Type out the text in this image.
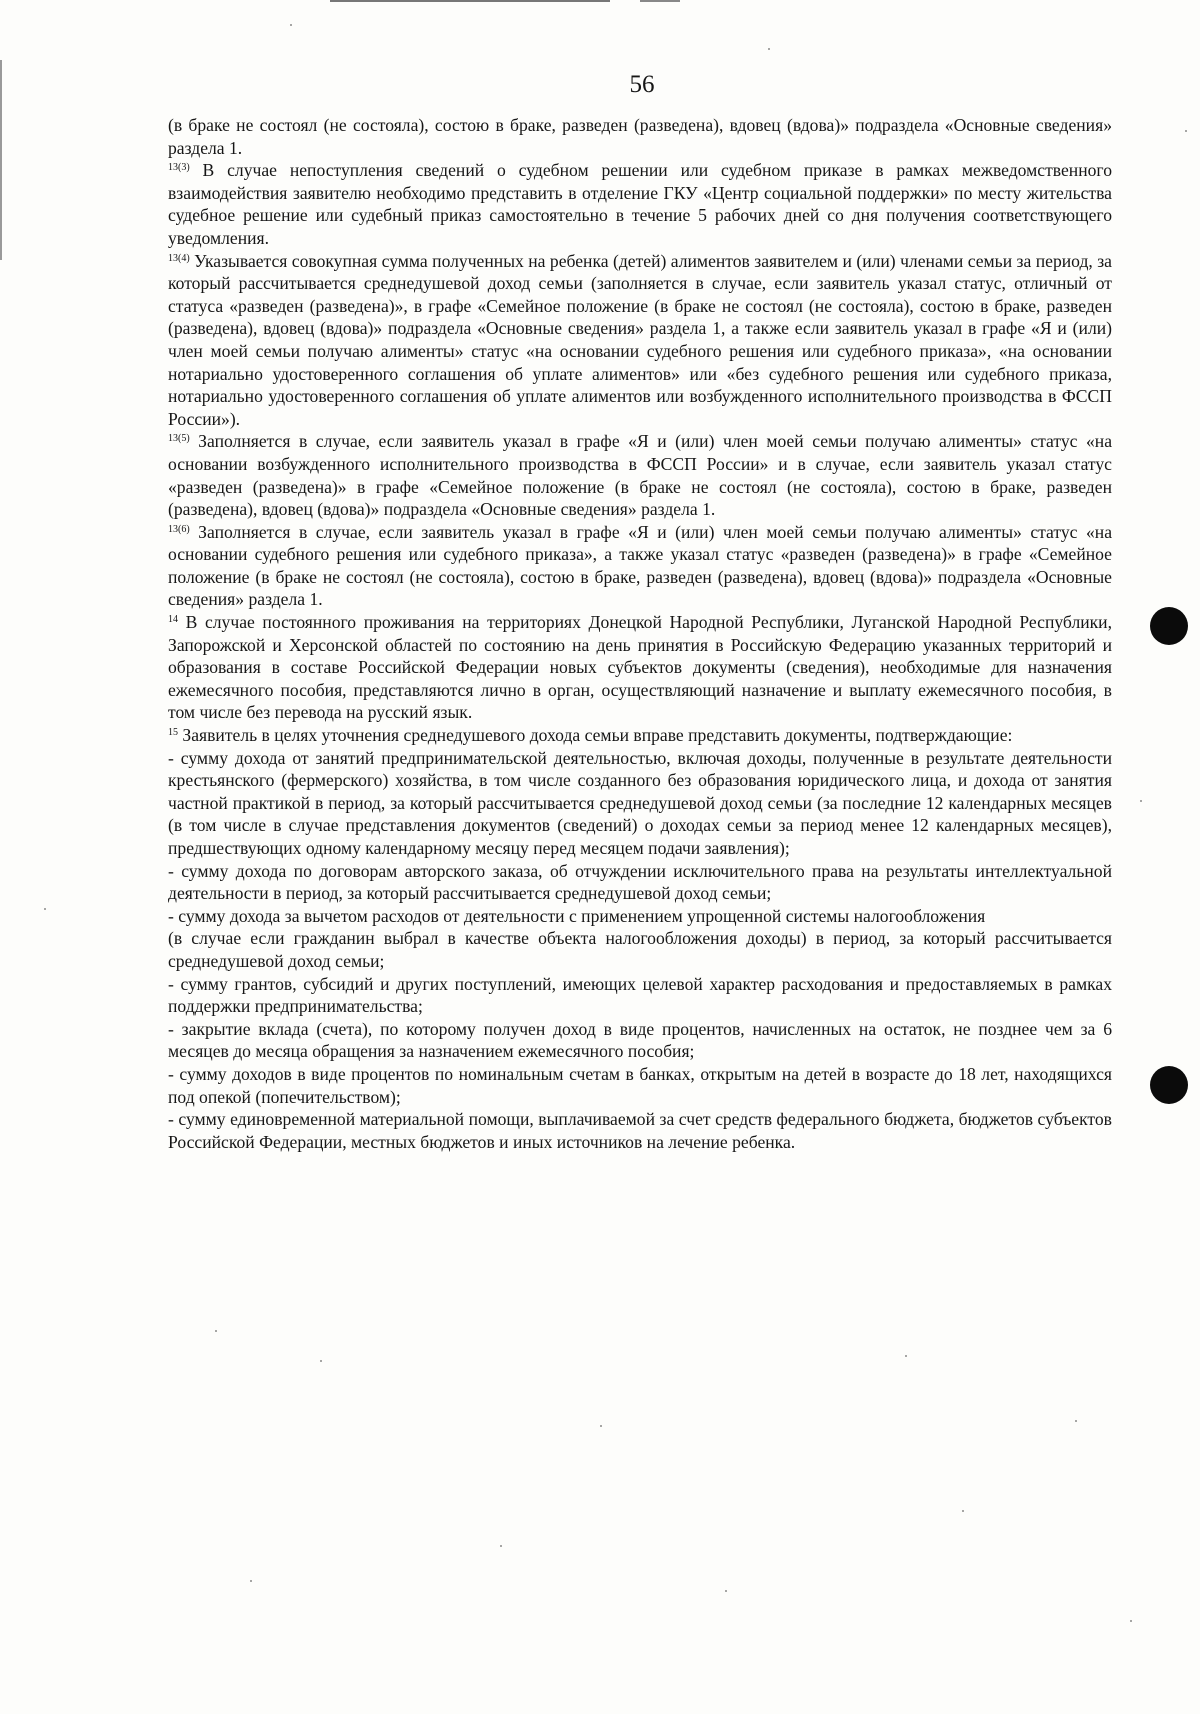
56

(в браке не состоял (не состояла), состою в браке, разведен (разведена), вдовец (вдова)» подраздела «Основные сведения» раздела 1.

$^{13(3)}$ В случае непоступления сведений о судебном решении или судебном приказе в рамках межведомственного взаимодействия заявителю необходимо представить в отделение ГКУ «Центр социальной поддержки» по месту жительства судебное решение или судебный приказ самостоятельно в течение 5 рабочих дней со дня получения соответствующего уведомления.

$^{13(4)}$ Указывается совокупная сумма полученных на ребенка (детей) алиментов заявителем и (или) членами семьи за период, за который рассчитывается среднедушевой доход семьи (заполняется в случае, если заявитель указал статус, отличный от статуса «разведен (разведена)», в графе «Семейное положение (в браке не состоял (не состояла), состою в браке, разведен (разведена), вдовец (вдова)» подраздела «Основные сведения» раздела 1, а также если заявитель указал в графе «Я и (или) член моей семьи получаю алименты» статус «на основании судебного решения или судебного приказа», «на основании нотариально удостоверенного соглашения об уплате алиментов» или «без судебного решения или судебного приказа, нотариально удостоверенного соглашения об уплате алиментов или возбужденного исполнительного производства в ФССП России»).

$^{13(5)}$ Заполняется в случае, если заявитель указал в графе «Я и (или) член моей семьи получаю алименты» статус «на основании возбужденного исполнительного производства в ФССП России» и в случае, если заявитель указал статус «разведен (разведена)» в графе «Семейное положение (в браке не состоял (не состояла), состою в браке, разведен (разведена), вдовец (вдова)» подраздела «Основные сведения» раздела 1.

$^{13(6)}$ Заполняется в случае, если заявитель указал в графе «Я и (или) член моей семьи получаю алименты» статус «на основании судебного решения или судебного приказа», а также указал статус «разведен (разведена)» в графе «Семейное положение (в браке не состоял (не состояла), состою в браке, разведен (разведена), вдовец (вдова)» подраздела «Основные сведения» раздела 1.

$^{14}$ В случае постоянного проживания на территориях Донецкой Народной Республики, Луганской Народной Республики, Запорожской и Херсонской областей по состоянию на день принятия в Российскую Федерацию указанных территорий и образования в составе Российской Федерации новых субъектов документы (сведения), необходимые для назначения ежемесячного пособия, представляются лично в орган, осуществляющий назначение и выплату ежемесячного пособия, в том числе без перевода на русский язык.

$^{15}$ Заявитель в целях уточнения среднедушевого дохода семьи вправе представить документы, подтверждающие:

- сумму дохода от занятий предпринимательской деятельностью, включая доходы, полученные в результате деятельности крестьянского (фермерского) хозяйства, в том числе созданного без образования юридического лица, и дохода от занятия частной практикой в период, за который рассчитывается среднедушевой доход семьи (за последние 12 календарных месяцев (в том числе в случае представления документов (сведений) о доходах семьи за период менее 12 календарных месяцев), предшествующих одному календарному месяцу перед месяцем подачи заявления);

- сумму дохода по договорам авторского заказа, об отчуждении исключительного права на результаты интеллектуальной деятельности в период, за который рассчитывается среднедушевой доход семьи;

- сумму дохода за вычетом расходов от деятельности с применением упрощенной системы налогообложения

(в случае если гражданин выбрал в качестве объекта налогообложения доходы) в период, за который рассчитывается среднедушевой доход семьи;

- сумму грантов, субсидий и других поступлений, имеющих целевой характер расходования и предоставляемых в рамках поддержки предпринимательства;

- закрытие вклада (счета), по которому получен доход в виде процентов, начисленных на остаток, не позднее чем за 6 месяцев до месяца обращения за назначением ежемесячного пособия;

- сумму доходов в виде процентов по номинальным счетам в банках, открытым на детей в возрасте до 18 лет, находящихся под опекой (попечительством);

- сумму единовременной материальной помощи, выплачиваемой за счет средств федерального бюджета, бюджетов субъектов Российской Федерации, местных бюджетов и иных источников на лечение ребенка.
